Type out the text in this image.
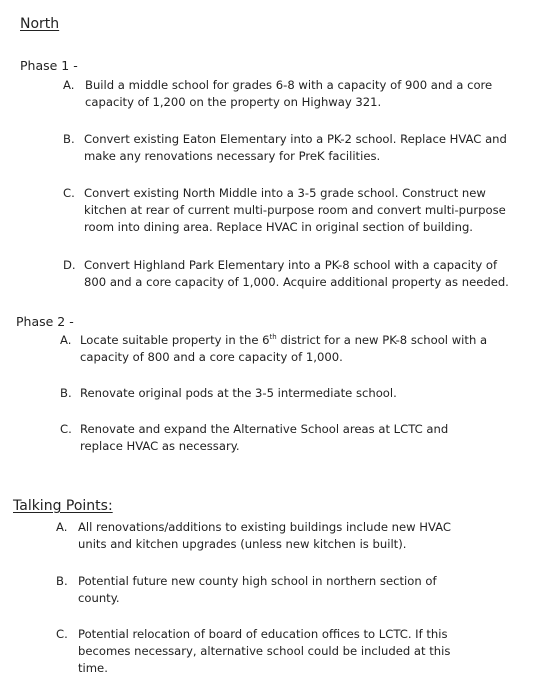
North
Phase 1 -
A. Build a middle school for grades 6-8 with a capacity of 900 and a core
capacity of 1,200 on the property on Highway 321.
B. Convert existing Eaton Elementary into a PK-2 school. Replace HVAC and
make any renovations necessary for PreK facilities.
C. Convert existing North Middle into a 3-5 grade school. Construct new
kitchen at rear of current multi-purpose room and convert multi-purpose
room into dining area. Replace HVAC in original section of building.
D. Convert Highland Park Elementary into a PK-8 school with a capacity of
800 and a core capacity of 1,000. Acquire additional property as needed.
Phase 2 -
A. Locate suitable property in the 6th district for a new PK-8 school with a
capacity of 800 and a core capacity of 1,000.
B. Renovate original pods at the 3-5 intermediate school.
C. Renovate and expand the Alternative School areas at LCTC and
replace HVAC as necessary.
Talking Points:
A. All renovations/additions to existing buildings include new HVAC
units and kitchen upgrades (unless new kitchen is built).
B. Potential future new county high school in northern section of
county.
C. Potential relocation of board of education offices to LCTC. If this
becomes necessary, alternative school could be included at this
time.
